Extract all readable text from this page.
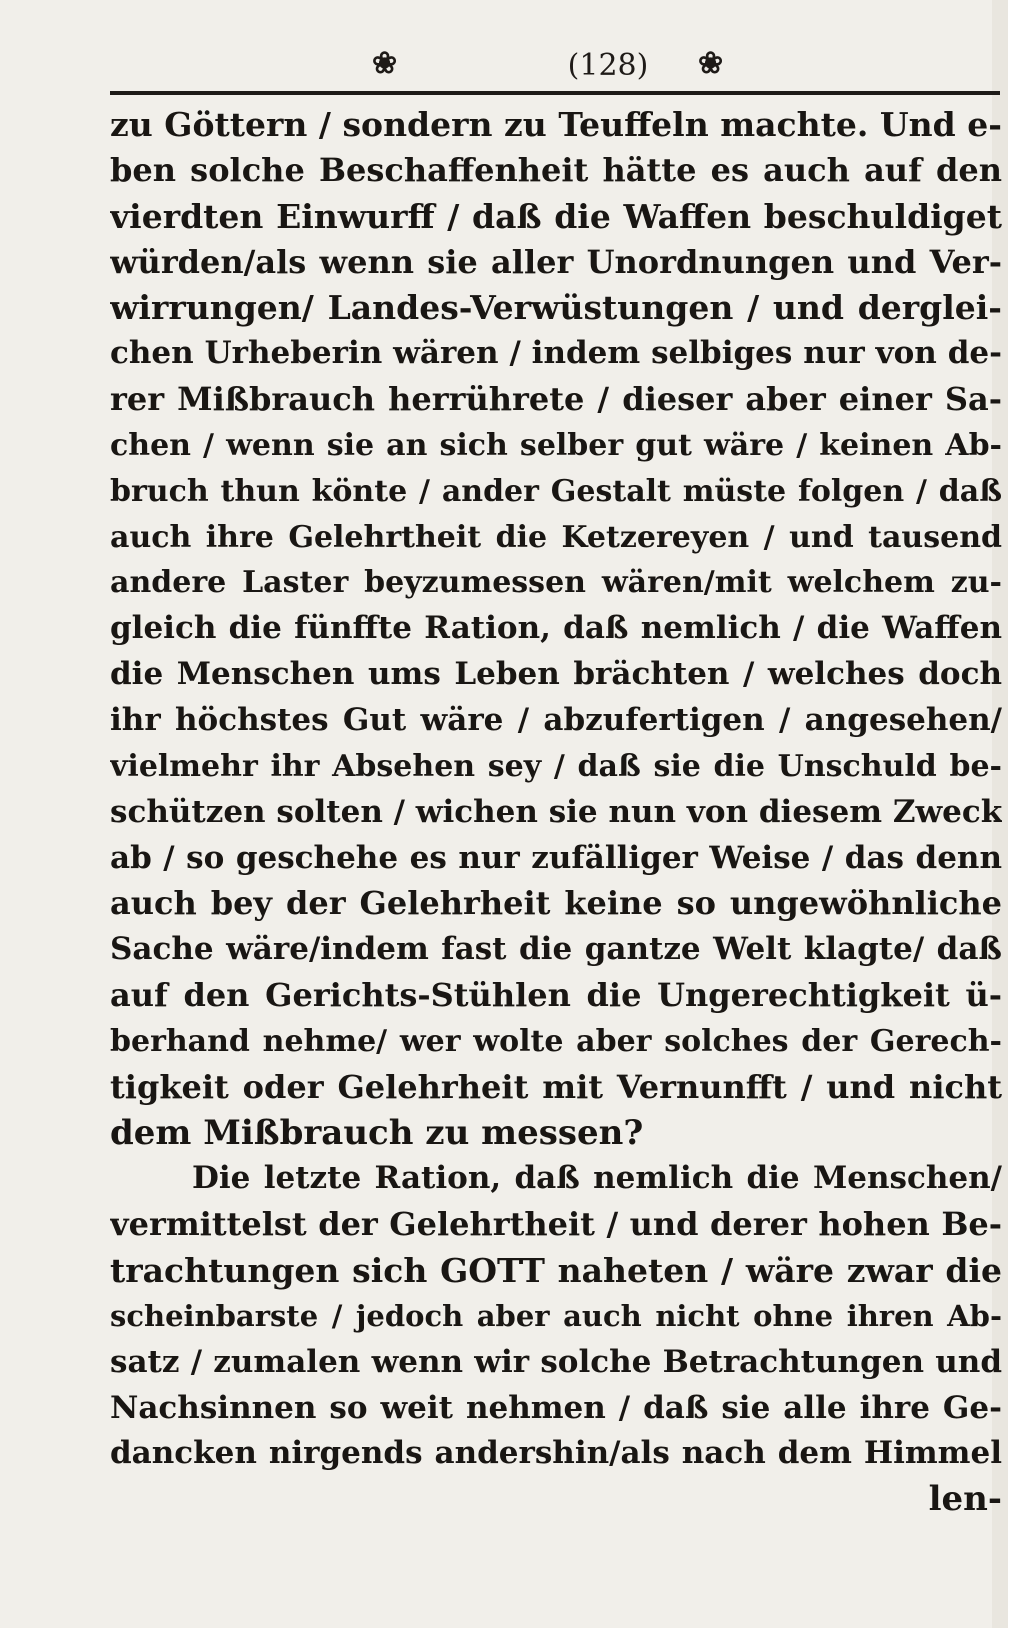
❀	(128)	❀
zu Göttern / sondern zu Teuffeln machte. Und e-
ben solche Beschaffenheit hätte es auch auf den
vierdten Einwurff / daß die Waffen beschuldiget
würden/als wenn sie aller Unordnungen und Ver-
wirrungen/ Landes-Verwüstungen / und derglei-
chen Urheberin wären / indem selbiges nur von de-
rer Mißbrauch herrührete / dieser aber einer Sa-
chen / wenn sie an sich selber gut wäre / keinen Ab-
bruch thun könte / ander Gestalt müste folgen / daß
auch ihre Gelehrtheit die Ketzereyen / und tausend
andere Laster beyzumessen wären/mit welchem zu-
gleich die fünffte Ration, daß nemlich / die Waffen
die Menschen ums Leben brächten / welches doch
ihr höchstes Gut wäre / abzufertigen / angesehen/
vielmehr ihr Absehen sey / daß sie die Unschuld be-
schützen solten / wichen sie nun von diesem Zweck
ab / so geschehe es nur zufälliger Weise / das denn
auch bey der Gelehrheit keine so ungewöhnliche
Sache wäre/indem fast die gantze Welt klagte/ daß
auf den Gerichts-Stühlen die Ungerechtigkeit ü-
berhand nehme/ wer wolte aber solches der Gerech-
tigkeit oder Gelehrheit mit Vernunfft / und nicht
dem Mißbrauch zu messen?
Die letzte Ration, daß nemlich die Menschen/
vermittelst der Gelehrtheit / und derer hohen Be-
trachtungen sich GOTT naheten / wäre zwar die
scheinbarste / jedoch aber auch nicht ohne ihren Ab-
satz / zumalen wenn wir solche Betrachtungen und
Nachsinnen so weit nehmen / daß sie alle ihre Ge-
dancken nirgends andershin/als nach dem Himmel
len-
